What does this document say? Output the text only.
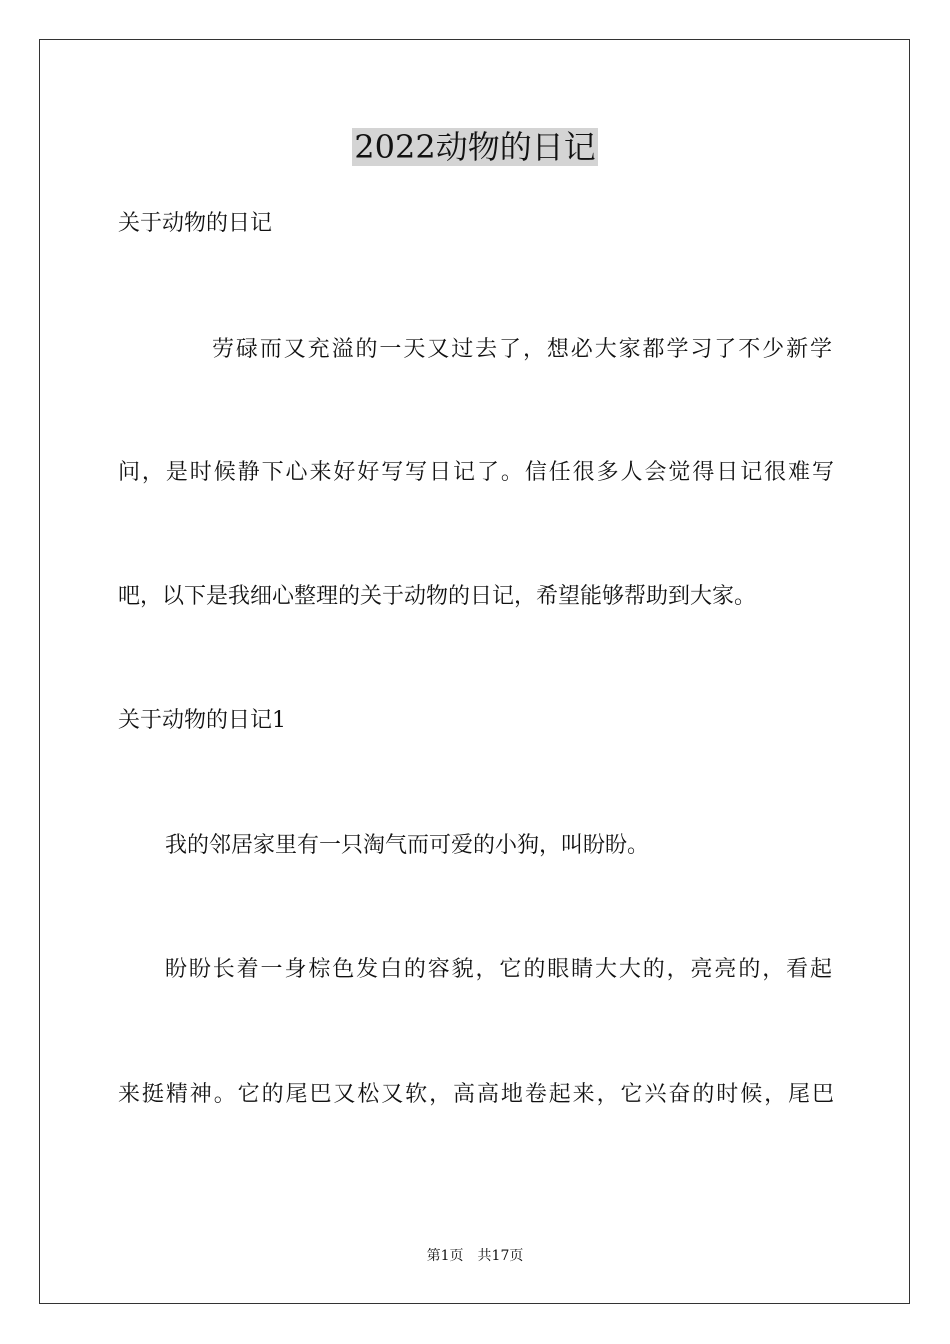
2022动物的日记

关于动物的日记

劳碌而又充溢的一天又过去了，想必大家都学习了不少新学

问，是时候静下心来好好写写日记了。信任很多人会觉得日记很难写

吧，以下是我细心整理的关于动物的日记，希望能够帮助到大家。

关于动物的日记1

我的邻居家里有一只淘气而可爱的小狗，叫盼盼。

盼盼长着一身棕色发白的容貌，它的眼睛大大的，亮亮的，看起

来挺精神。它的尾巴又松又软，高高地卷起来，它兴奋的时候，尾巴

第1页 共17页
